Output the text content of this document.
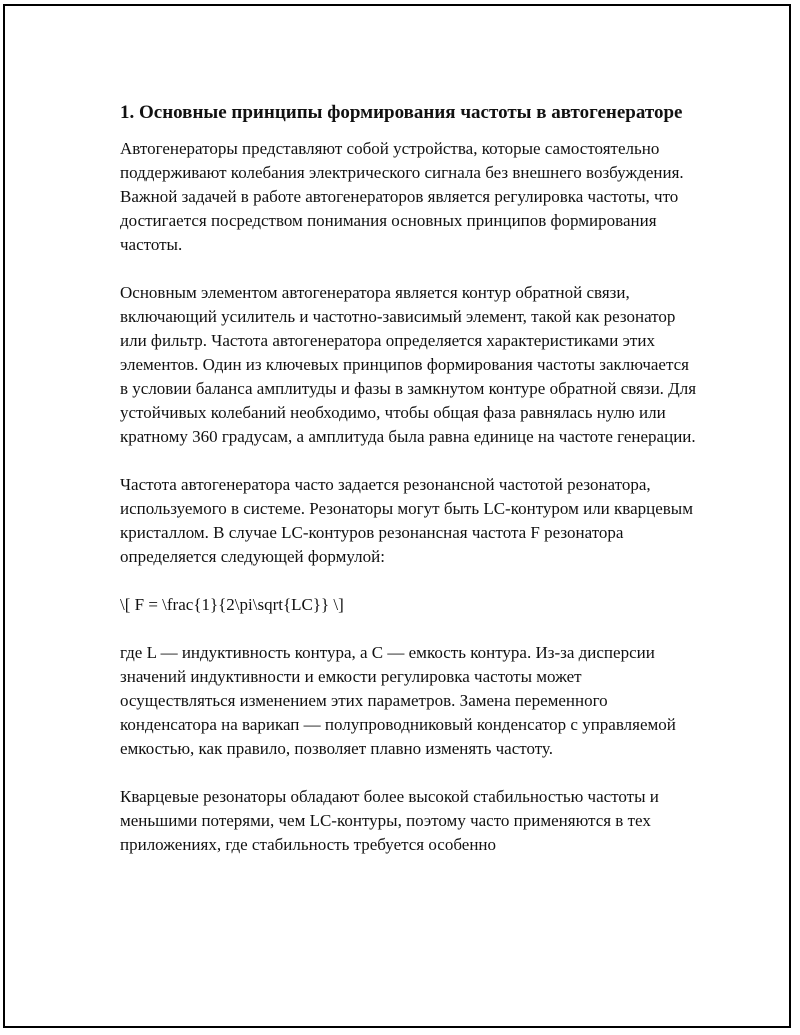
1. Основные принципы формирования частоты в автогенераторе

Автогенераторы представляют собой устройства, которые самостоятельно поддерживают колебания электрического сигнала без внешнего возбуждения. Важной задачей в работе автогенераторов является регулировка частоты, что достигается посредством понимания основных принципов формирования частоты.

Основным элементом автогенератора является контур обратной связи, включающий усилитель и частотно-зависимый элемент, такой как резонатор или фильтр. Частота автогенератора определяется характеристиками этих элементов. Один из ключевых принципов формирования частоты заключается в условии баланса амплитуды и фазы в замкнутом контуре обратной связи. Для устойчивых колебаний необходимо, чтобы общая фаза равнялась нулю или кратному 360 градусам, а амплитуда была равна единице на частоте генерации.

Частота автогенератора часто задается резонансной частотой резонатора, используемого в системе. Резонаторы могут быть LC-контуром или кварцевым кристаллом. В случае LC-контуров резонансная частота F резонатора определяется следующей формулой:

\[ F = \frac{1}{2\pi\sqrt{LC}} \]

где L — индуктивность контура, а C — емкость контура. Из-за дисперсии значений индуктивности и емкости регулировка частоты может осуществляться изменением этих параметров. Замена переменного конденсатора на варикап — полупроводниковый конденсатор с управляемой емкостью, как правило, позволяет плавно изменять частоту.

Кварцевые резонаторы обладают более высокой стабильностью частоты и меньшими потерями, чем LC-контуры, поэтому часто применяются в тех приложениях, где стабильность требуется особенно
